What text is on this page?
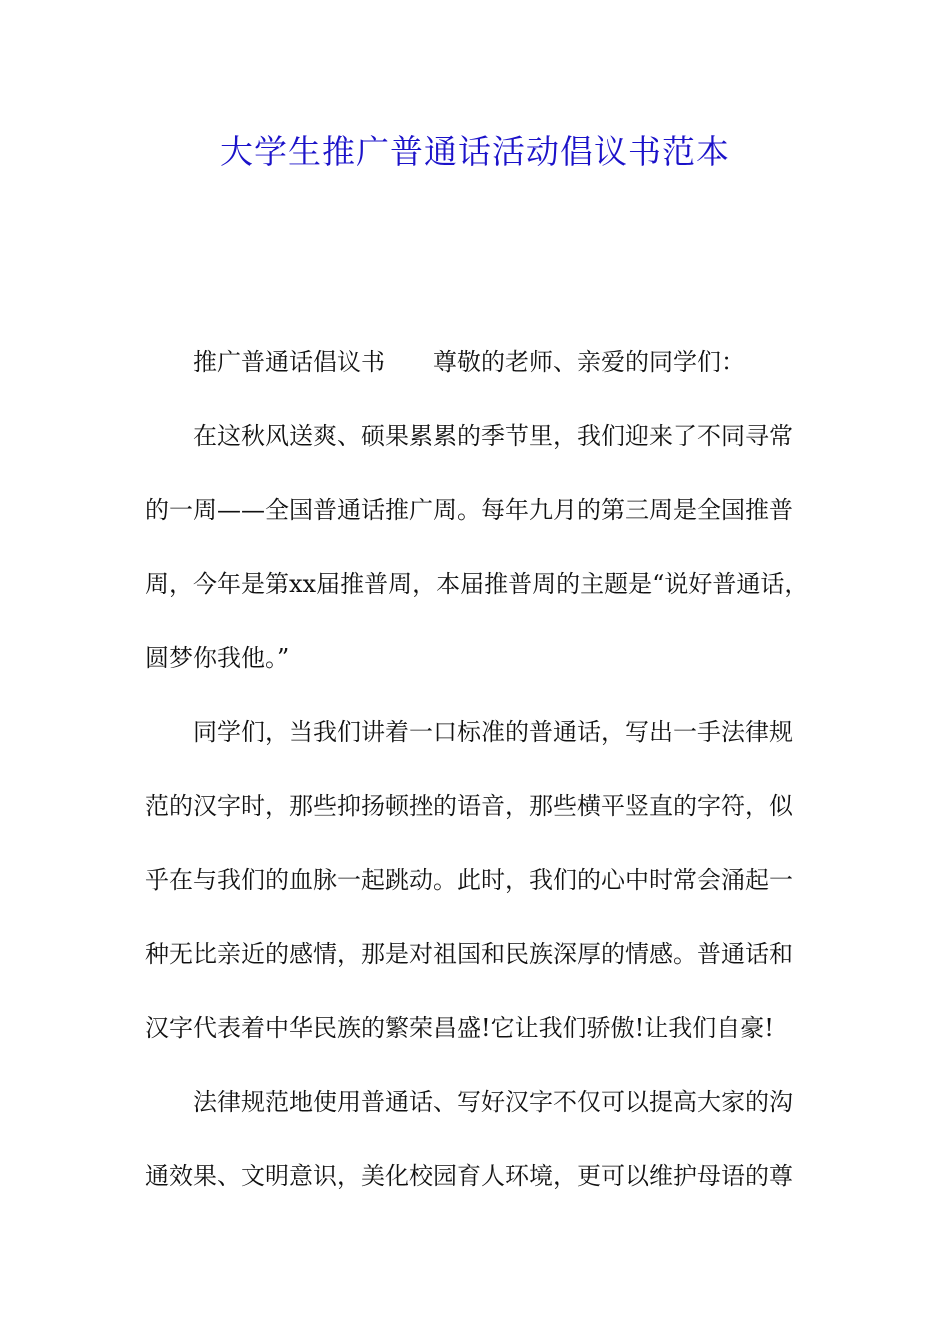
大学生推广普通话活动倡议书范本
推广普通话倡议书 尊敬的老师、亲爱的同学们：
在这秋风送爽、硕果累累的季节里，我们迎来了不同寻常
的一周——全国普通话推广周。每年九月的第三周是全国推普
周，今年是第xx届推普周，本届推普周的主题是“说好普通话，
圆梦你我他。”
同学们，当我们讲着一口标准的普通话，写出一手法律规
范的汉字时，那些抑扬顿挫的语音，那些横平竖直的字符，似
乎在与我们的血脉一起跳动。此时，我们的心中时常会涌起一
种无比亲近的感情，那是对祖国和民族深厚的情感。普通话和
汉字代表着中华民族的繁荣昌盛!它让我们骄傲!让我们自豪!
法律规范地使用普通话、写好汉字不仅可以提高大家的沟
通效果、文明意识，美化校园育人环境，更可以维护母语的尊
